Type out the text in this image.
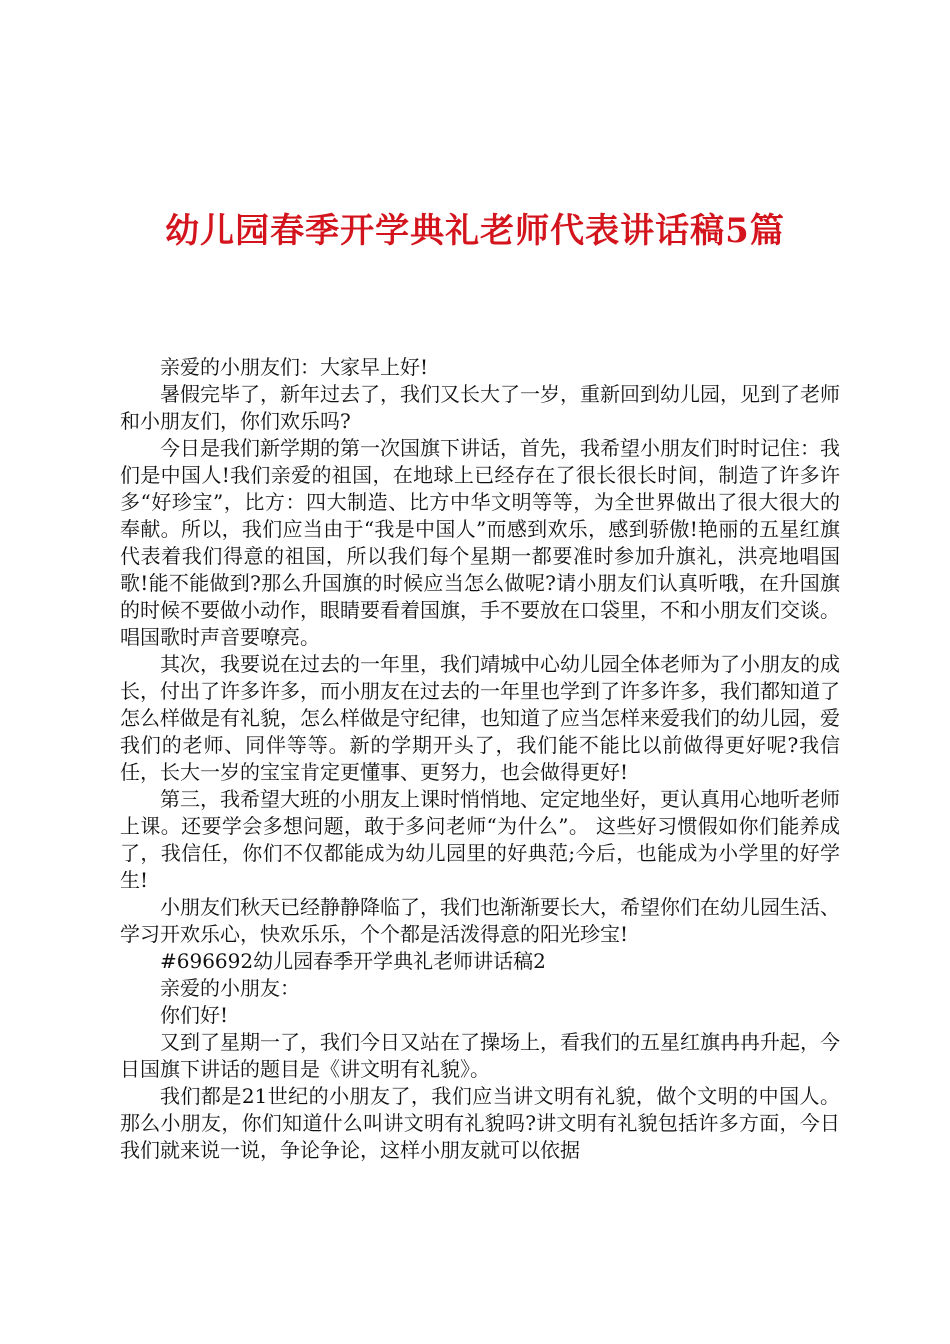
幼儿园春季开学典礼老师代表讲话稿5篇

亲爱的小朋友们：大家早上好!

暑假完毕了，新年过去了，我们又长大了一岁，重新回到幼儿园，见到了老师和小朋友们，你们欢乐吗?

今日是我们新学期的第一次国旗下讲话，首先，我希望小朋友们时时记住：我们是中国人!我们亲爱的祖国，在地球上已经存在了很长很长时间，制造了许多许多“好珍宝”，比方：四大制造、比方中华文明等等，为全世界做出了很大很大的奉献。所以，我们应当由于“我是中国人”而感到欢乐，感到骄傲!艳丽的五星红旗代表着我们得意的祖国，所以我们每个星期一都要准时参加升旗礼，洪亮地唱国歌!能不能做到?那么升国旗的时候应当怎么做呢?请小朋友们认真听哦，在升国旗的时候不要做小动作，眼睛要看着国旗，手不要放在口袋里，不和小朋友们交谈。唱国歌时声音要嘹亮。

其次，我要说在过去的一年里，我们靖城中心幼儿园全体老师为了小朋友的成长，付出了许多许多，而小朋友在过去的一年里也学到了许多许多，我们都知道了怎么样做是有礼貌，怎么样做是守纪律，也知道了应当怎样来爱我们的幼儿园，爱我们的老师、同伴等等。新的学期开头了，我们能不能比以前做得更好呢?我信任，长大一岁的宝宝肯定更懂事、更努力，也会做得更好!

第三，我希望大班的小朋友上课时悄悄地、定定地坐好，更认真用心地听老师上课。还要学会多想问题，敢于多问老师“为什么”。 这些好习惯假如你们能养成了，我信任，你们不仅都能成为幼儿园里的好典范;今后，也能成为小学里的好学生!

小朋友们秋天已经静静降临了，我们也渐渐要长大，希望你们在幼儿园生活、学习开欢乐心，快欢乐乐，个个都是活泼得意的阳光珍宝!

#696692幼儿园春季开学典礼老师讲话稿2

亲爱的小朋友：

你们好!

又到了星期一了，我们今日又站在了操场上，看我们的五星红旗冉冉升起，今日国旗下讲话的题目是《讲文明有礼貌》。

我们都是21世纪的小朋友了，我们应当讲文明有礼貌，做个文明的中国人。那么小朋友，你们知道什么叫讲文明有礼貌吗?讲文明有礼貌包括许多方面，今日我们就来说一说，争论争论，这样小朋友就可以依据
